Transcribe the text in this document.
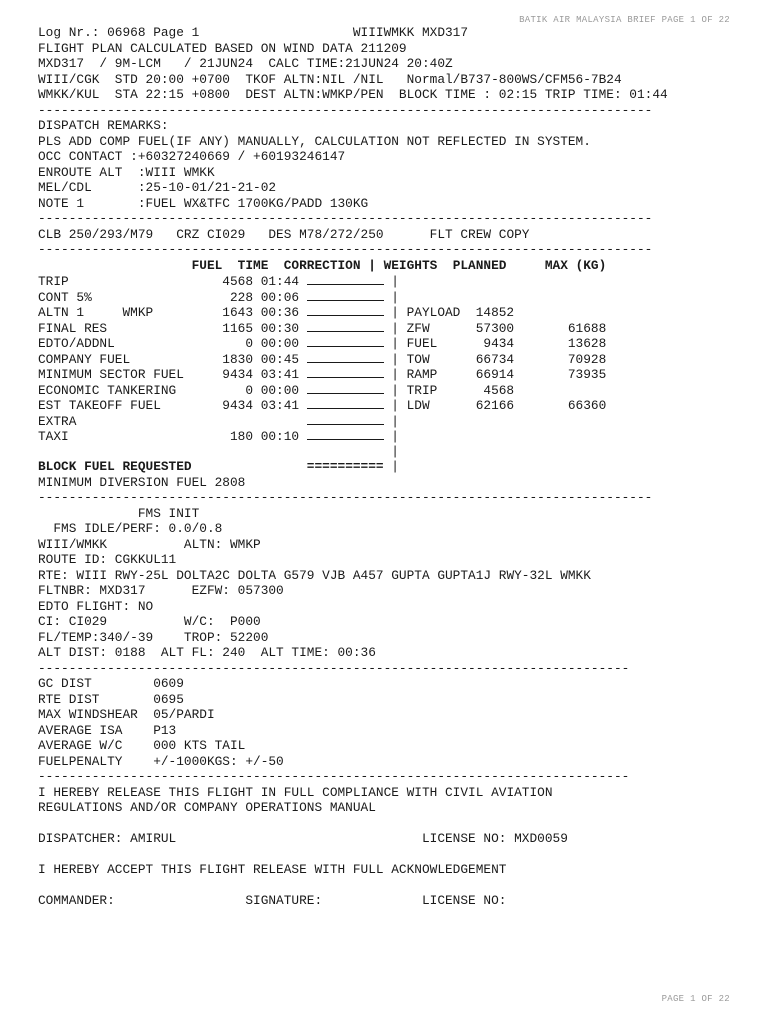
BATIK AIR MALAYSIA BRIEF PAGE 1 OF 22
Log Nr.: 06968 Page 1                    WIIIWMKK MXD317
FLIGHT PLAN CALCULATED BASED ON WIND DATA 211209
MXD317  / 9M-LCM   / 21JUN24  CALC TIME:21JUN24 20:40Z
WIII/CGK  STD 20:00 +0700  TKOF ALTN:NIL /NIL   Normal/B737-800WS/CFM56-7B24
WMKK/KUL  STA 22:15 +0800  DEST ALTN:WMKP/PEN  BLOCK TIME : 02:15 TRIP TIME: 01:44
--------------------------------------------------------------------------------
DISPATCH REMARKS:
PLS ADD COMP FUEL(IF ANY) MANUALLY, CALCULATION NOT REFLECTED IN SYSTEM.
OCC CONTACT :+60327240669 / +60193246147
ENROUTE ALT  :WIII WMKK
MEL/CDL      :25-10-01/21-21-02
NOTE 1       :FUEL WX&TFC 1700KG/PADD 130KG
--------------------------------------------------------------------------------
CLB 250/293/M79   CRZ CI029   DES M78/272/250      FLT CREW COPY
--------------------------------------------------------------------------------
FUEL  TIME  CORRECTION | WEIGHTS  PLANNED     MAX (KG)
TRIP                    4568 01:44	|
CONT 5%                  228 00:06	|
ALTN 1     WMKP         1643 00:36	| PAYLOAD  14852
FINAL RES               1165 00:30	| ZFW      57300       61688
EDTO/ADDNL                 0 00:00	| FUEL      9434       13628
COMPANY FUEL            1830 00:45	| TOW      66734       70928
MINIMUM SECTOR FUEL     9434 03:41	| RAMP     66914       73935
ECONOMIC TANKERING         0 00:00	| TRIP      4568
EST TAKEOFF FUEL        9434 03:41	| LDW      62166       66360
EXTRA	|
TAXI                     180 00:10	|
|
BLOCK FUEL REQUESTED	========== |
MINIMUM DIVERSION FUEL 2808
--------------------------------------------------------------------------------
FMS INIT
FMS IDLE/PERF: 0.0/0.8
WIII/WMKK          ALTN: WMKP
ROUTE ID: CGKKUL11
RTE: WIII RWY-25L DOLTA2C DOLTA G579 VJB A457 GUPTA GUPTA1J RWY-32L WMKK
FLTNBR: MXD317      EZFW: 057300
EDTO FLIGHT: NO
CI: CI029          W/C:  P000
FL/TEMP:340/-39    TROP: 52200
ALT DIST: 0188  ALT FL: 240  ALT TIME: 00:36
-----------------------------------------------------------------------------
GC DIST        0609
RTE DIST       0695
MAX WINDSHEAR  05/PARDI
AVERAGE ISA    P13
AVERAGE W/C    000 KTS TAIL
FUELPENALTY    +/-1000KGS: +/-50
-----------------------------------------------------------------------------
I HEREBY RELEASE THIS FLIGHT IN FULL COMPLIANCE WITH CIVIL AVIATION
REGULATIONS AND/OR COMPANY OPERATIONS MANUAL
DISPATCHER: AMIRUL                                LICENSE NO: MXD0059
I HEREBY ACCEPT THIS FLIGHT RELEASE WITH FULL ACKNOWLEDGEMENT
COMMANDER:                 SIGNATURE:             LICENSE NO:
PAGE 1 OF 22
